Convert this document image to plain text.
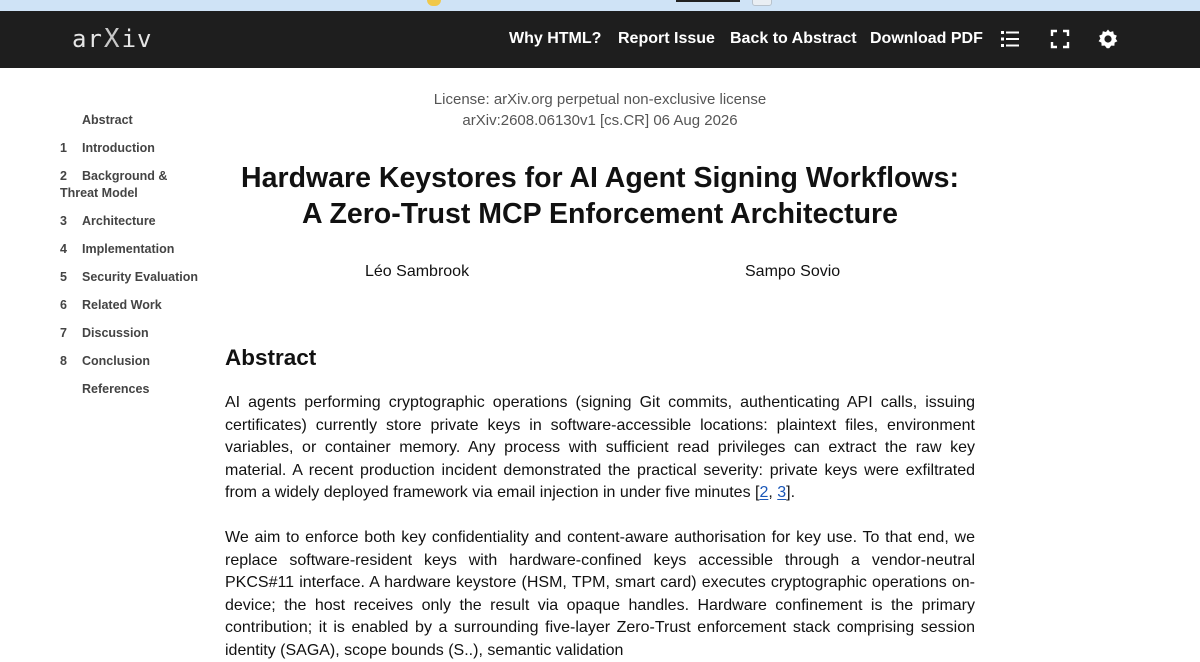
ar X iv	Why HTML? Report Issue Back to Abstract Download PDF
Abstract
1	Introduction
2	Background & Threat Model
3	Architecture
4	Implementation
5	Security Evaluation
6	Related Work
7	Discussion
8	Conclusion
References
License: arXiv.org perpetual non-exclusive license
arXiv:2608.06130v1 [cs.CR] 06 Aug 2026
Hardware Keystores for AI Agent Signing Workflows:
A Zero-Trust MCP Enforcement Architecture
Léo Sambrook	Sampo Sovio
Abstract

AI agents performing cryptographic operations (signing Git commits, authenticating API calls, issuing certificates) currently store private keys in software-accessible locations: plaintext files, environment variables, or container memory. Any process with sufficient read privileges can extract the raw key material. A recent production incident demonstrated the practical severity: private keys were exfiltrated from a widely deployed framework via email injection in under five minutes [2, 3].

We aim to enforce both key confidentiality and content-aware authorisation for key use. To that end, we replace software-resident keys with hardware-confined keys accessible through a vendor-neutral PKCS#11 interface. A hardware keystore (HSM, TPM, smart card) executes cryptographic operations on-device; the host receives only the result via opaque handles. Hardware confinement is the primary contribution; it is enabled by a surrounding five-layer Zero-Trust enforcement stack comprising session identity (SAGA), scope bounds (S..), semantic validation
